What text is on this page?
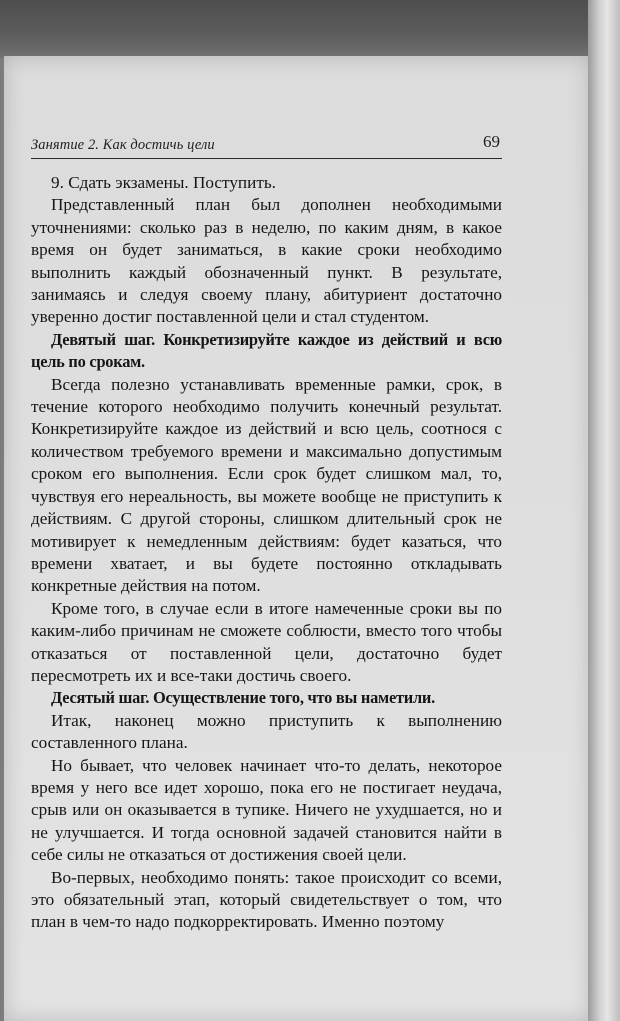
Занятие 2. Как достичь цели	69

9. Сдать экзамены. Поступить.

Представленный план был дополнен необходимыми уточнениями: сколько раз в неделю, по каким дням, в какое время он будет заниматься, в какие сроки необходимо выполнить каждый обозначенный пункт. В результате, занимаясь и следуя своему плану, абитуриент достаточно уверенно достиг поставленной цели и стал студентом.

Девятый шаг. Конкретизируйте каждое из действий и всю цель по срокам.

Всегда полезно устанавливать временные рамки, срок, в течение которого необходимо получить конечный результат. Конкретизируйте каждое из действий и всю цель, соотнося с количеством требуемого времени и максимально допустимым сроком его выполнения. Если срок будет слишком мал, то, чувствуя его нереальность, вы можете вообще не приступить к действиям. С другой стороны, слишком длительный срок не мотивирует к немедленным действиям: будет казаться, что времени хватает, и вы будете постоянно откладывать конкретные действия на потом.

Кроме того, в случае если в итоге намеченные сроки вы по каким-либо причинам не сможете соблюсти, вместо того чтобы отказаться от поставленной цели, достаточно будет пересмотреть их и все-таки достичь своего.

Десятый шаг. Осуществление того, что вы наметили.

Итак, наконец можно приступить к выполнению составленного плана.

Но бывает, что человек начинает что-то делать, некоторое время у него все идет хорошо, пока его не постигает неудача, срыв или он оказывается в тупике. Ничего не ухудшается, но и не улучшается. И тогда основной задачей становится найти в себе силы не отказаться от достижения своей цели.

Во-первых, необходимо понять: такое происходит со всеми, это обязательный этап, который свидетельствует о том, что план в чем-то надо подкорректировать. Именно поэтому
